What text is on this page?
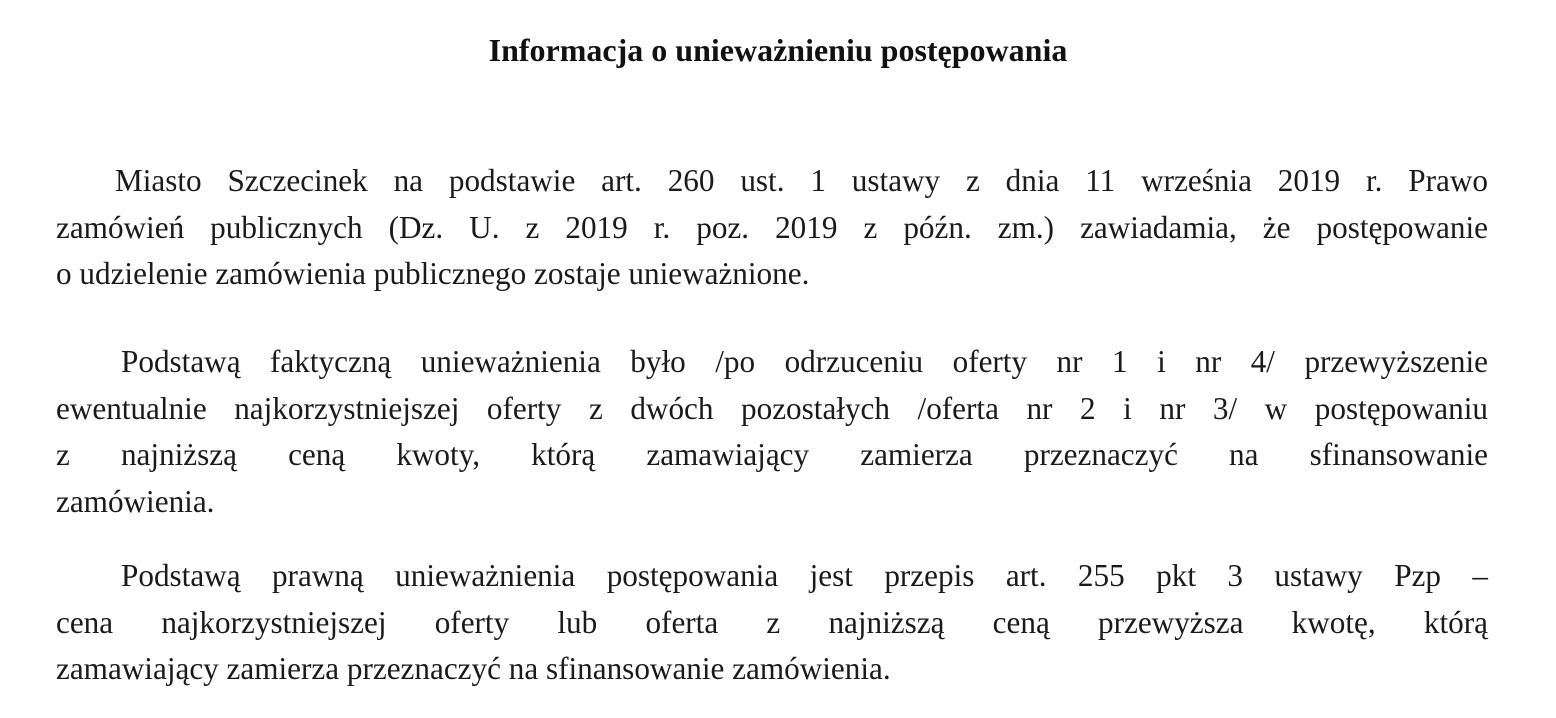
Informacja o unieważnieniu postępowania
Miasto Szczecinek na podstawie art. 260 ust. 1 ustawy z dnia 11 września 2019 r. Prawo
zamówień publicznych (Dz. U. z 2019 r. poz. 2019 z późn. zm.) zawiadamia, że postępowanie
o udzielenie zamówienia publicznego zostaje unieważnione.
Podstawą faktyczną unieważnienia było /po odrzuceniu oferty nr 1 i nr 4/ przewyższenie
ewentualnie najkorzystniejszej oferty z dwóch pozostałych /oferta nr 2 i nr 3/ w postępowaniu
z najniższą ceną kwoty, którą zamawiający zamierza przeznaczyć na sfinansowanie
zamówienia.
Podstawą prawną unieważnienia postępowania jest przepis art. 255 pkt 3 ustawy Pzp –
cena najkorzystniejszej oferty lub oferta z najniższą ceną przewyższa kwotę, którą
zamawiający zamierza przeznaczyć na sfinansowanie zamówienia.
